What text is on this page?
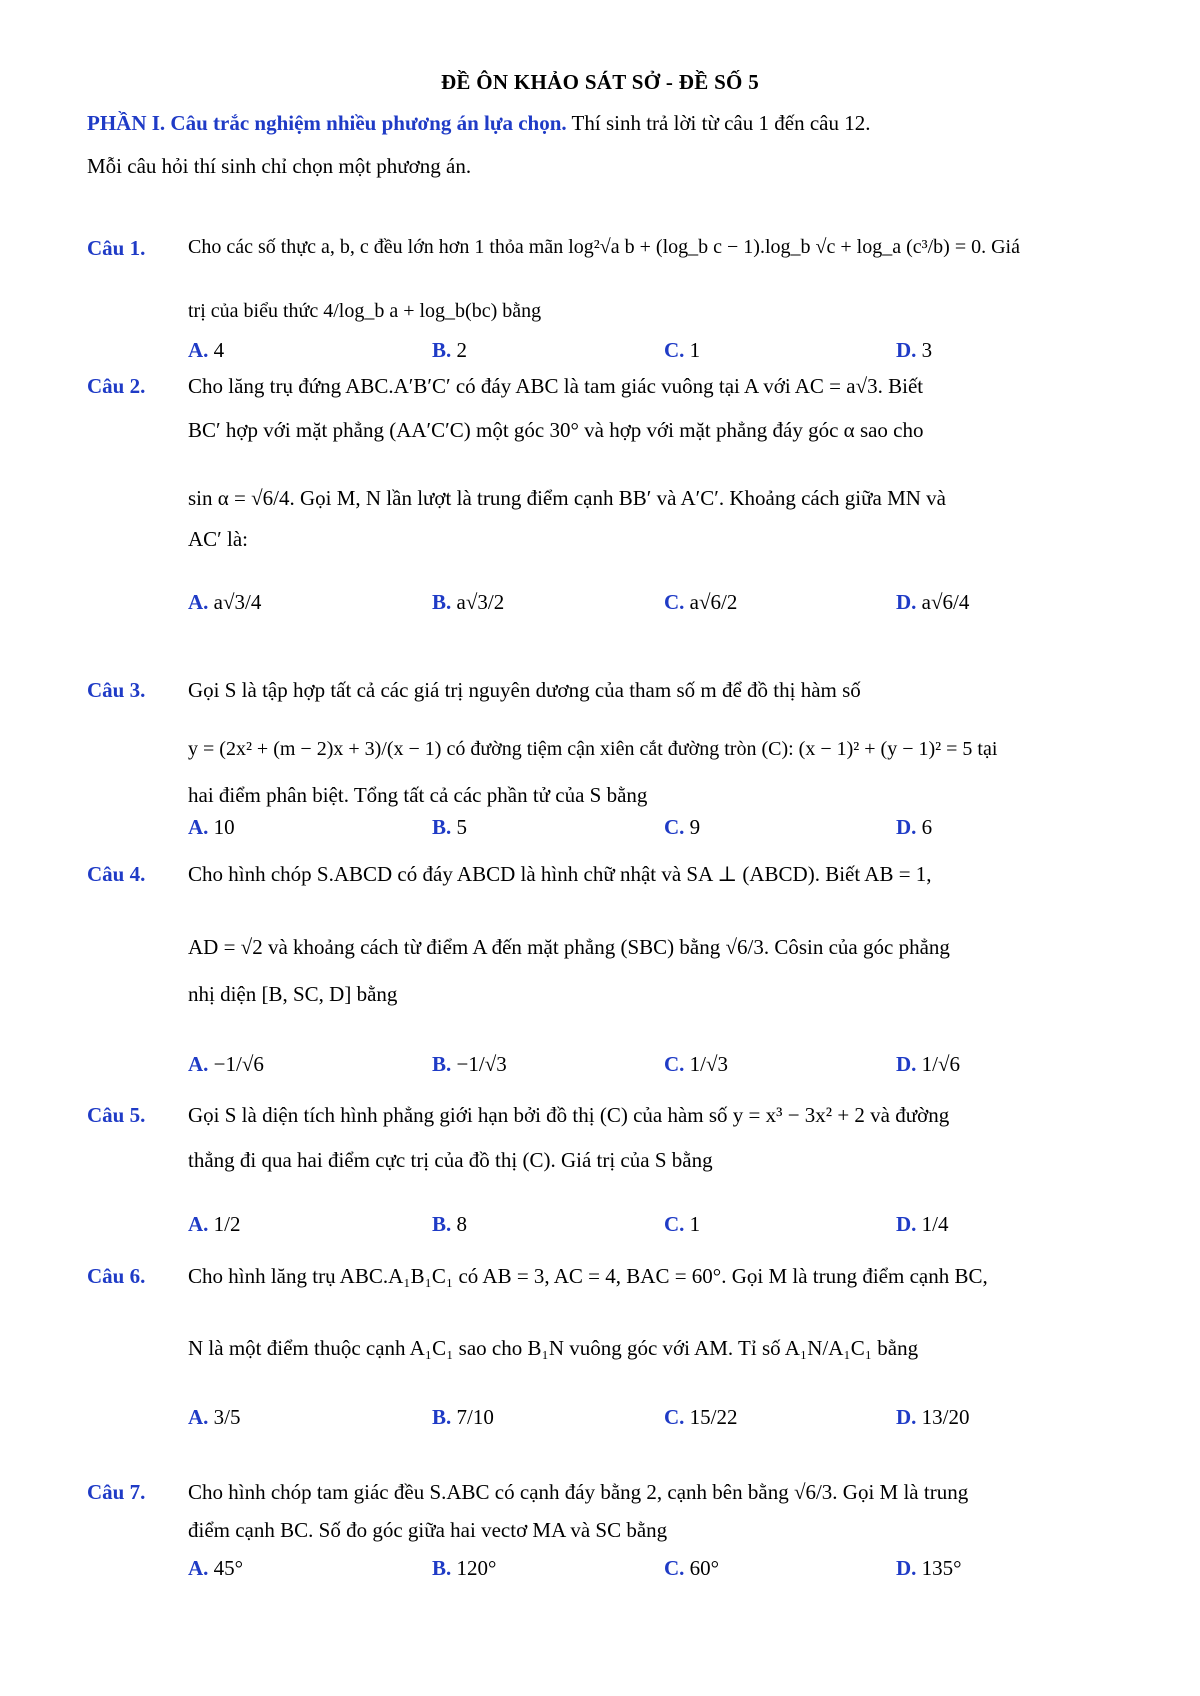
ĐỀ ÔN KHẢO SÁT SỞ - ĐỀ SỐ 5
PHẦN I. Câu trắc nghiệm nhiều phương án lựa chọn. Thí sinh trả lời từ câu 1 đến câu 12.
Mỗi câu hỏi thí sinh chỉ chọn một phương án.
Câu 1. Cho các số thực a, b, c đều lớn hơn 1 thỏa mãn log²√a b + (log_b c − 1).log_b √c + log_a (c³/b) = 0. Giá
trị của biểu thức 4/log_b a + log_b(bc) bằng
A. 4	B. 2	C. 1	D. 3
Câu 2. Cho lăng trụ đứng ABC.A′B′C′ có đáy ABC là tam giác vuông tại A với AC = a√3. Biết
BC′ hợp với mặt phẳng (AA′C′C) một góc 30° và hợp với mặt phẳng đáy góc α sao cho
sin α = √6/4. Gọi M, N lần lượt là trung điểm cạnh BB′ và A′C′. Khoảng cách giữa MN và
AC′ là:
A. a√3/4	B. a√3/2	C. a√6/2	D. a√6/4
Câu 3. Gọi S là tập hợp tất cả các giá trị nguyên dương của tham số m để đồ thị hàm số
y = (2x² + (m − 2)x + 3)/(x − 1) có đường tiệm cận xiên cắt đường tròn (C): (x − 1)² + (y − 1)² = 5 tại
hai điểm phân biệt. Tổng tất cả các phần tử của S bằng
A. 10	B. 5	C. 9	D. 6
Câu 4. Cho hình chóp S.ABCD có đáy ABCD là hình chữ nhật và SA ⊥ (ABCD). Biết AB = 1,
AD = √2 và khoảng cách từ điểm A đến mặt phẳng (SBC) bằng √6/3. Côsin của góc phẳng
nhị diện [B, SC, D] bằng
A. −1/√6	B. −1/√3	C. 1/√3	D. 1/√6
Câu 5. Gọi S là diện tích hình phẳng giới hạn bởi đồ thị (C) của hàm số y = x³ − 3x² + 2 và đường
thẳng đi qua hai điểm cực trị của đồ thị (C). Giá trị của S bằng
A. 1/2	B. 8	C. 1	D. 1/4
Câu 6. Cho hình lăng trụ ABC.A₁B₁C₁ có AB = 3, AC = 4, BAC = 60°. Gọi M là trung điểm cạnh BC,
N là một điểm thuộc cạnh A₁C₁ sao cho B₁N vuông góc với AM. Tỉ số A₁N/A₁C₁ bằng
A. 3/5	B. 7/10	C. 15/22	D. 13/20
Câu 7. Cho hình chóp tam giác đều S.ABC có cạnh đáy bằng 2, cạnh bên bằng √6/3. Gọi M là trung
điểm cạnh BC. Số đo góc giữa hai vectơ MA và SC bằng
A. 45°	B. 120°	C. 60°	D. 135°
